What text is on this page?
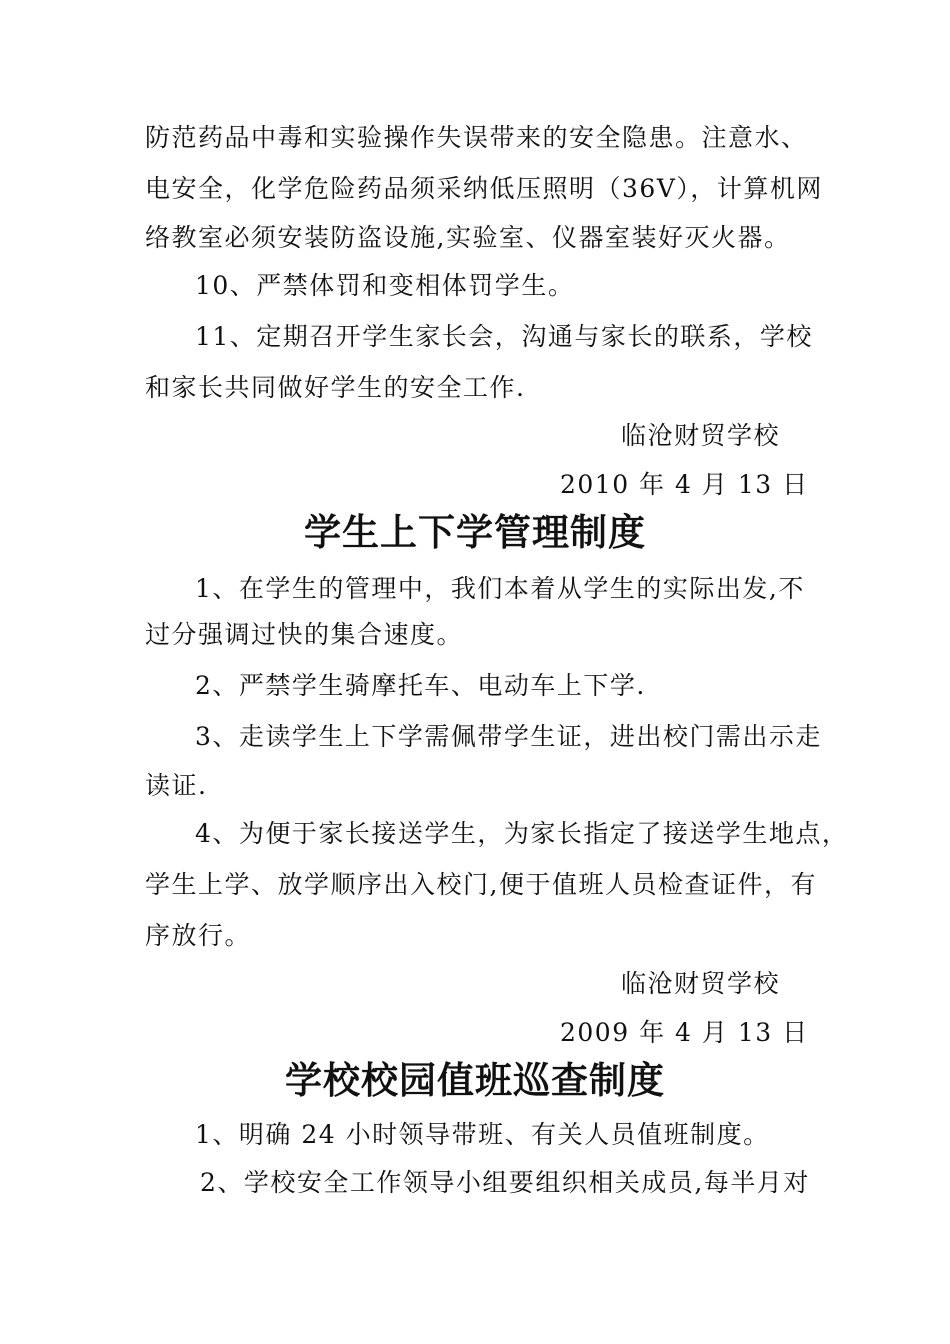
防范药品中毒和实验操作失误带来的安全隐患。注意水、
电安全，化学危险药品须采纳低压照明（36V），计算机网
络教室必须安装防盗设施,实验室、仪器室装好灭火器。
10、严禁体罚和变相体罚学生。
11、定期召开学生家长会，沟通与家长的联系，学校
和家长共同做好学生的安全工作.
临沧财贸学校
2010 年 4 月 13 日
学生上下学管理制度
1、在学生的管理中，我们本着从学生的实际出发,不
过分强调过快的集合速度。
2、严禁学生骑摩托车、电动车上下学.
3、走读学生上下学需佩带学生证，进出校门需出示走
读证.
4、为便于家长接送学生，为家长指定了接送学生地点，
学生上学、放学顺序出入校门,便于值班人员检查证件，有
序放行。
临沧财贸学校
2009 年 4 月 13 日
学校校园值班巡查制度
1、明确 24 小时领导带班、有关人员值班制度。
2、学校安全工作领导小组要组织相关成员,每半月对
